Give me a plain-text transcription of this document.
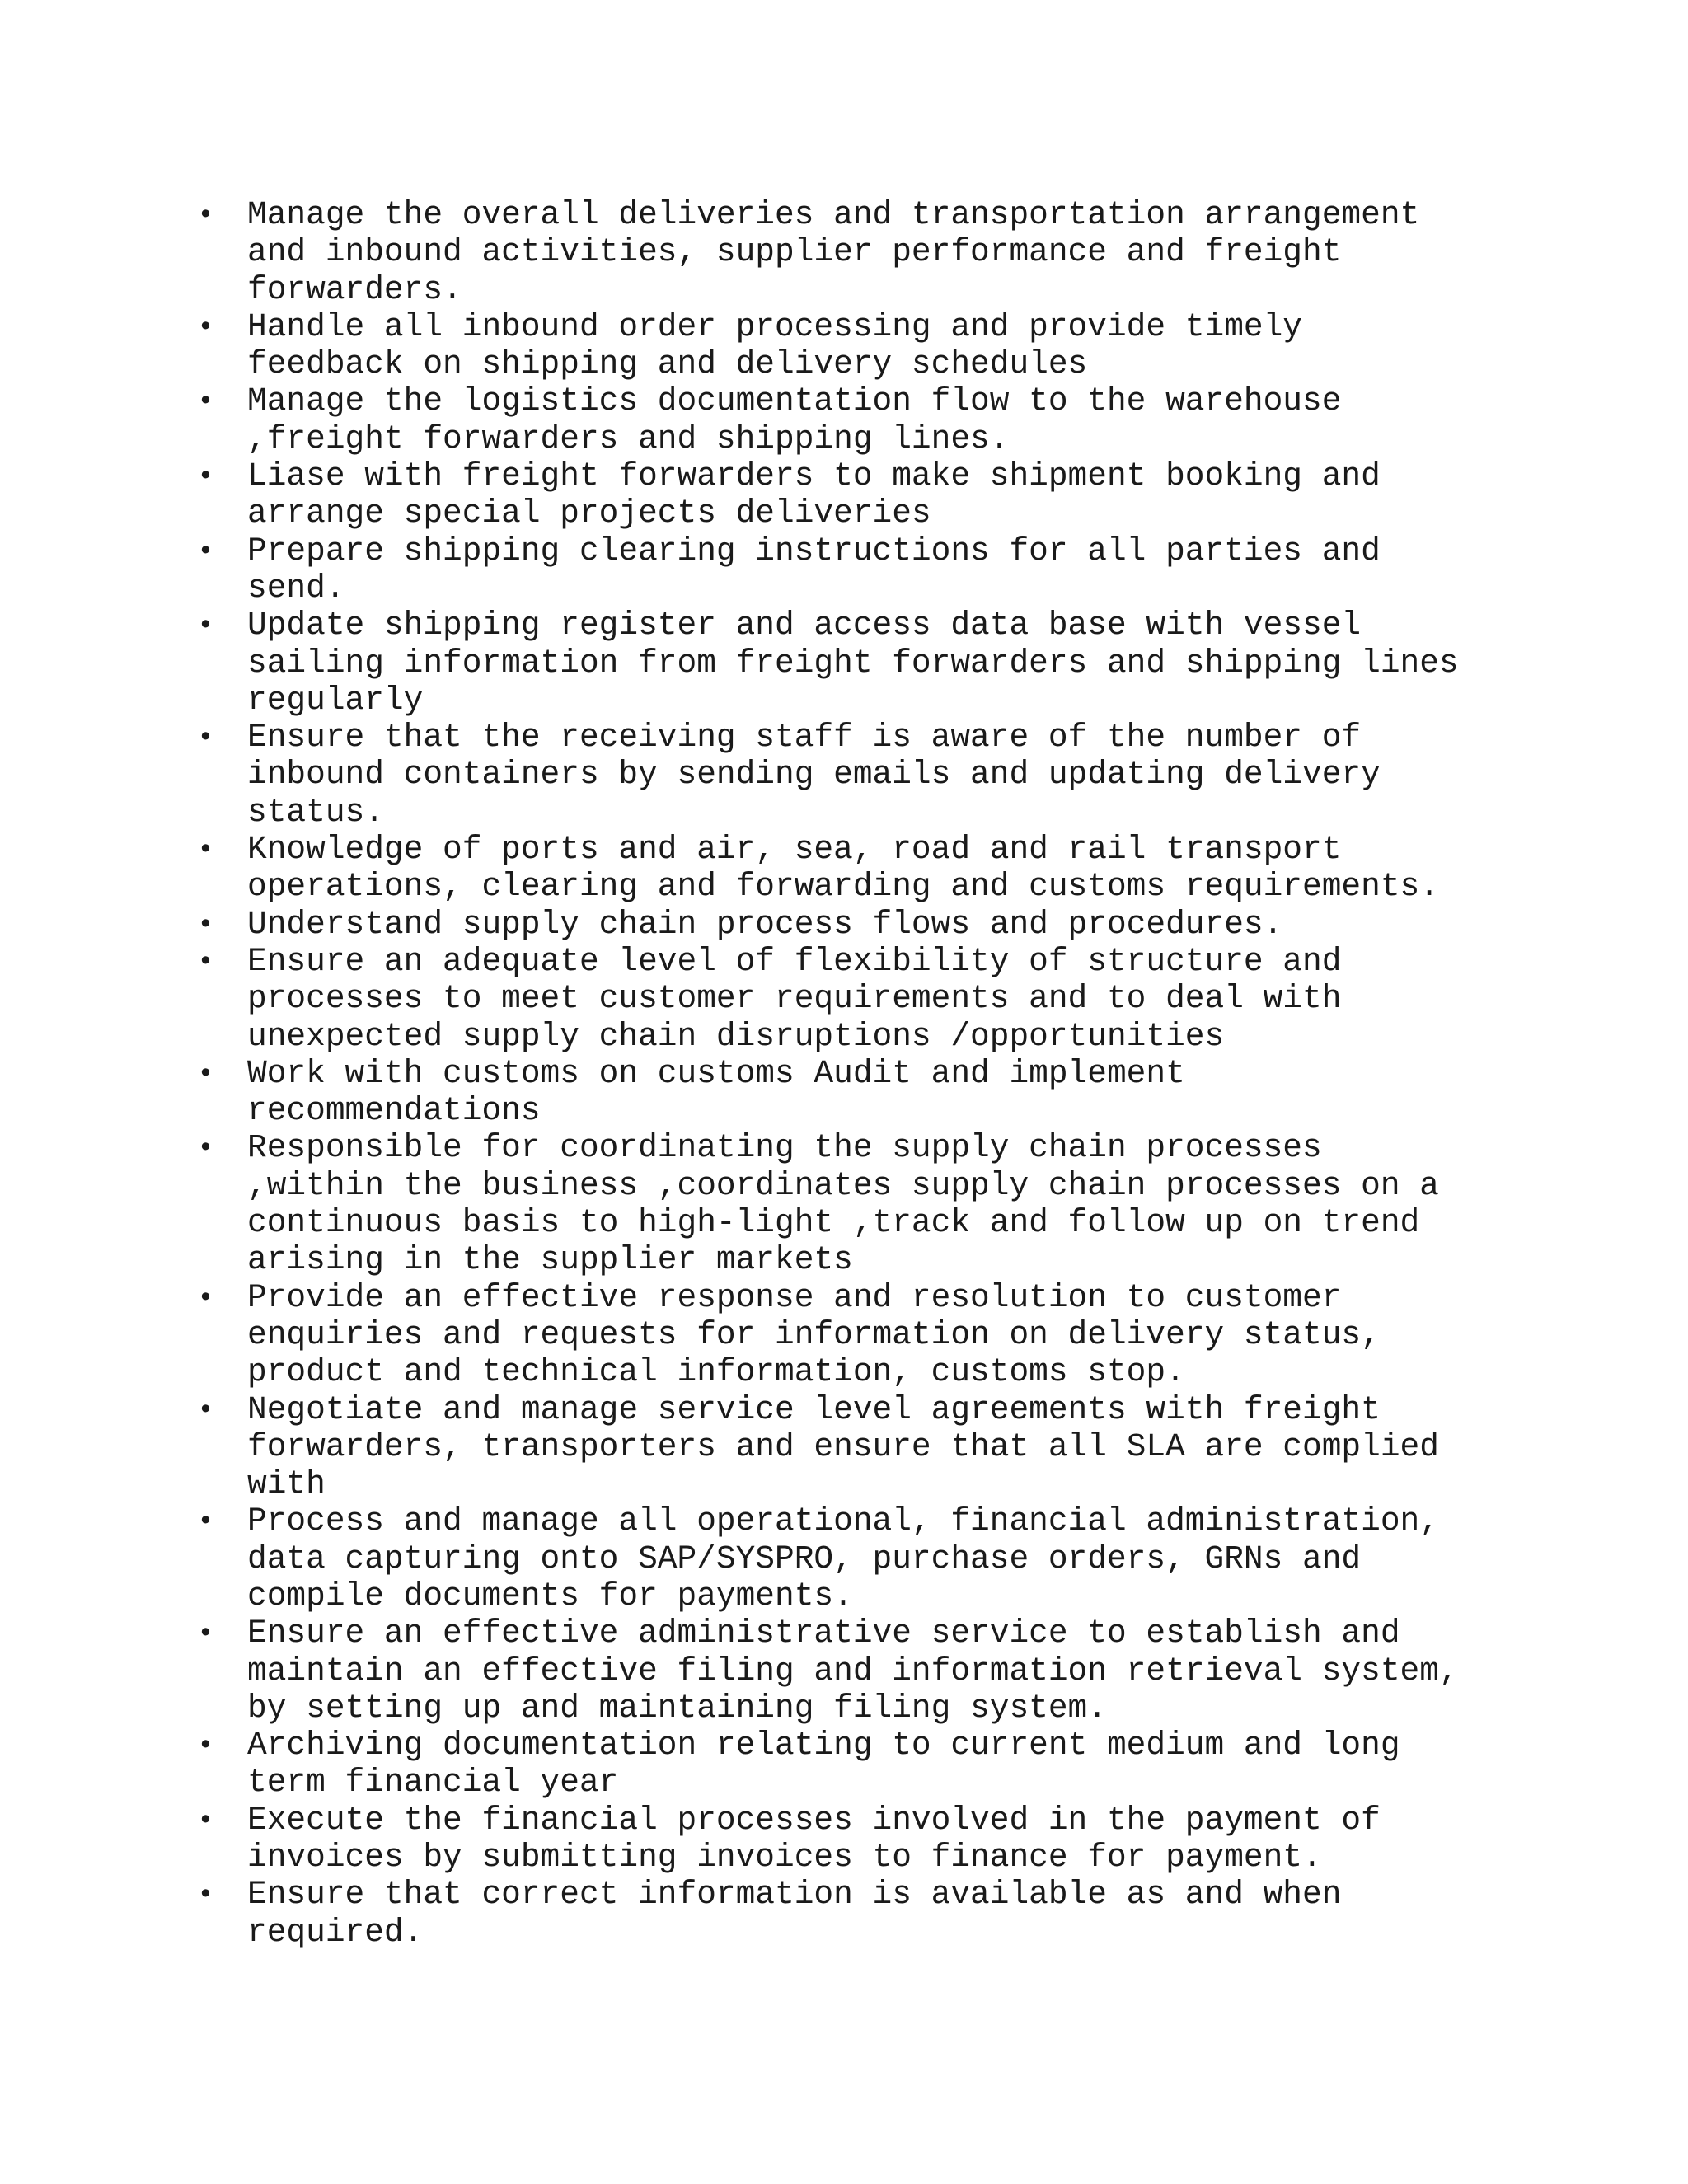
• Manage the overall deliveries and transportation arrangement
and inbound activities, supplier performance and freight
forwarders.
• Handle all inbound order processing and provide timely
feedback on shipping and delivery schedules
• Manage the logistics documentation flow to the warehouse
,freight forwarders and shipping lines.
• Liase with freight forwarders to make shipment booking and
arrange special projects deliveries
• Prepare shipping clearing instructions for all parties and
send.
• Update shipping register and access data base with vessel
sailing information from freight forwarders and shipping lines
regularly
• Ensure that the receiving staff is aware of the number of
inbound containers by sending emails and updating delivery
status.
• Knowledge of ports and air, sea, road and rail transport
operations, clearing and forwarding and customs requirements.
• Understand supply chain process flows and procedures.
• Ensure an adequate level of flexibility of structure and
processes to meet customer requirements and to deal with
unexpected supply chain disruptions /opportunities
• Work with customs on customs Audit and implement
recommendations
• Responsible for coordinating the supply chain processes
,within the business ,coordinates supply chain processes on a
continuous basis to high-light ,track and follow up on trend
arising in the supplier markets
• Provide an effective response and resolution to customer
enquiries and requests for information on delivery status,
product and technical information, customs stop.
• Negotiate and manage service level agreements with freight
forwarders, transporters and ensure that all SLA are complied
with
• Process and manage all operational, financial administration,
data capturing onto SAP/SYSPRO, purchase orders, GRNs and
compile documents for payments.
• Ensure an effective administrative service to establish and
maintain an effective filing and information retrieval system,
by setting up and maintaining filing system.
• Archiving documentation relating to current medium and long
term financial year
• Execute the financial processes involved in the payment of
invoices by submitting invoices to finance for payment.
• Ensure that correct information is available as and when
required.
